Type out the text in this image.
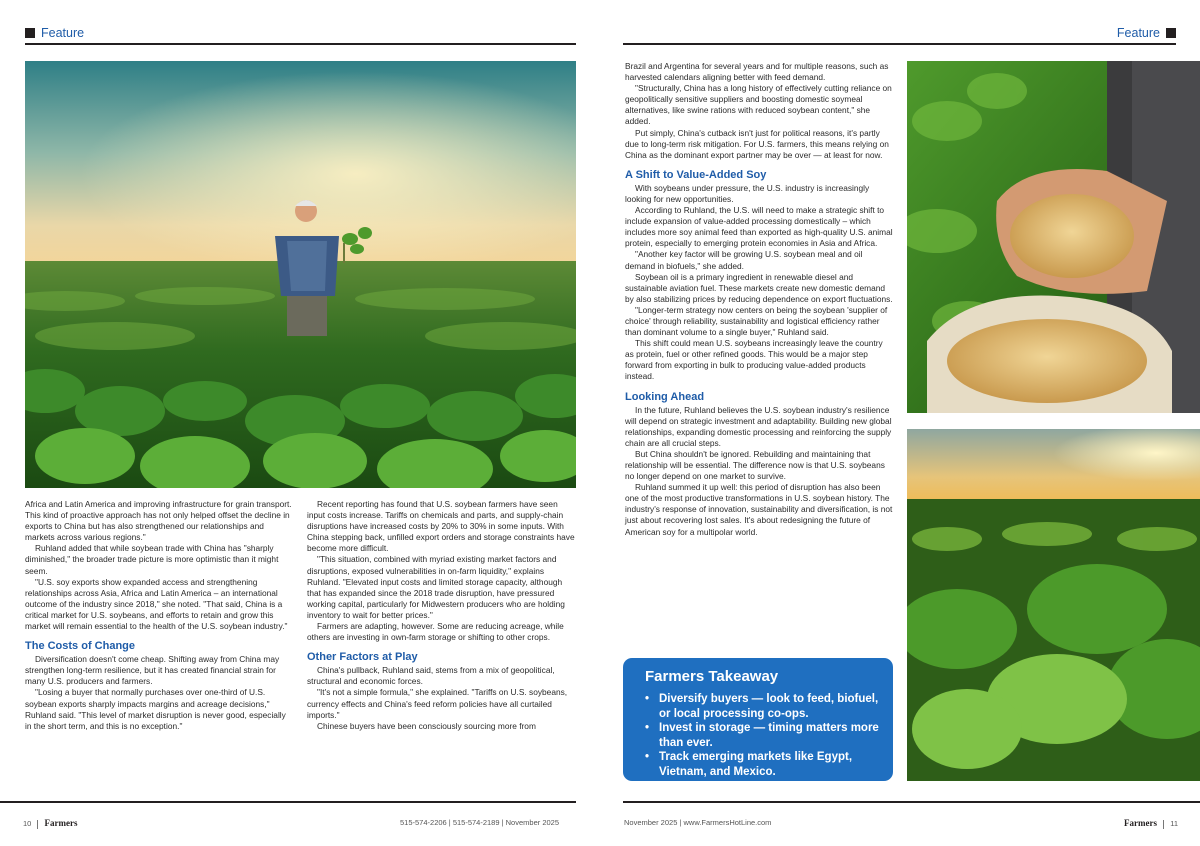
Feature	Feature

Africa and Latin America and improving infrastructure for grain transport. This kind of proactive approach has not only helped offset the decline in exports to China but has also strengthened our relationships and markets across various regions."

Ruhland added that while soybean trade with China has "sharply diminished," the broader trade picture is more optimistic than it might seem.

"U.S. soy exports show expanded access and strengthening relationships across Asia, Africa and Latin America – an international outcome of the industry since 2018," she noted. "That said, China is a critical market for U.S. soybeans, and efforts to retain and grow this market will remain essential to the health of the U.S. soybean industry."

The Costs of Change

Diversification doesn't come cheap. Shifting away from China may strengthen long-term resilience, but it has created financial strain for many U.S. producers and farmers.

"Losing a buyer that normally purchases over one-third of U.S. soybean exports sharply impacts margins and acreage decisions," Ruhland said. "This level of market disruption is never good, especially in the short term, and this is no exception."

Recent reporting has found that U.S. soybean farmers have seen input costs increase. Tariffs on chemicals and parts, and supply-chain disruptions have increased costs by 20% to 30% in some inputs. With China stepping back, unfilled export orders and storage constraints have become more difficult.

"This situation, combined with myriad existing market factors and disruptions, exposed vulnerabilities in on-farm liquidity," explains Ruhland. "Elevated input costs and limited storage capacity, although that has expanded since the 2018 trade disruption, have pressured working capital, particularly for Midwestern producers who are holding inventory to wait for better prices."

Farmers are adapting, however. Some are reducing acreage, while others are investing in own-farm storage or shifting to other crops.

Other Factors at Play

China's pullback, Ruhland said, stems from a mix of geopolitical, structural and economic forces.

"It's not a simple formula," she explained. "Tariffs on U.S. soybeans, currency effects and China's feed reform policies have all curtailed imports."

Chinese buyers have been consciously sourcing more from

Brazil and Argentina for several years and for multiple reasons, such as harvested calendars aligning better with feed demand.

"Structurally, China has a long history of effectively cutting reliance on geopolitically sensitive suppliers and boosting domestic soymeal alternatives, like swine rations with reduced soybean content," she added.

Put simply, China's cutback isn't just for political reasons, it's partly due to long-term risk mitigation. For U.S. farmers, this means relying on China as the dominant export partner may be over — at least for now.

A Shift to Value-Added Soy

With soybeans under pressure, the U.S. industry is increasingly looking for new opportunities.

According to Ruhland, the U.S. will need to make a strategic shift to include expansion of value-added processing domestically – which includes more soy animal feed than exported as high-quality U.S. animal protein, especially to emerging protein economies in Asia and Africa.

"Another key factor will be growing U.S. soybean meal and oil demand in biofuels," she added.

Soybean oil is a primary ingredient in renewable diesel and sustainable aviation fuel. These markets create new domestic demand by also stabilizing prices by reducing dependence on export fluctuations.

"Longer-term strategy now centers on being the soybean 'supplier of choice' through reliability, sustainability and logistical efficiency rather than dominant volume to a single buyer," Ruhland said.

This shift could mean U.S. soybeans increasingly leave the country as protein, fuel or other refined goods. This would be a major step forward from exporting in bulk to producing value-added products instead.

Looking Ahead

In the future, Ruhland believes the U.S. soybean industry's resilience will depend on strategic investment and adaptability. Building new global relationships, expanding domestic processing and reinforcing the supply chain are all crucial steps.

But China shouldn't be ignored. Rebuilding and maintaining that relationship will be essential. The difference now is that U.S. soybeans no longer depend on one market to survive.

Ruhland summed it up well: this period of disruption has also been one of the most productive transformations in U.S. soybean history. The industry's response of innovation, sustainability and diversification, is not just about recovering lost sales. It's about redesigning the future of American soy for a multipolar world.

Farmers Takeaway
• Diversify buyers — look to feed, biofuel, or local processing co-ops.
• Invest in storage — timing matters more than ever.
• Track emerging markets like Egypt, Vietnam, and Mexico.
10 Farmers	515-574-2206 | 515-574-2189 | November 2025	November 2025 | www.FarmersHotLine.com	Farmers 11
